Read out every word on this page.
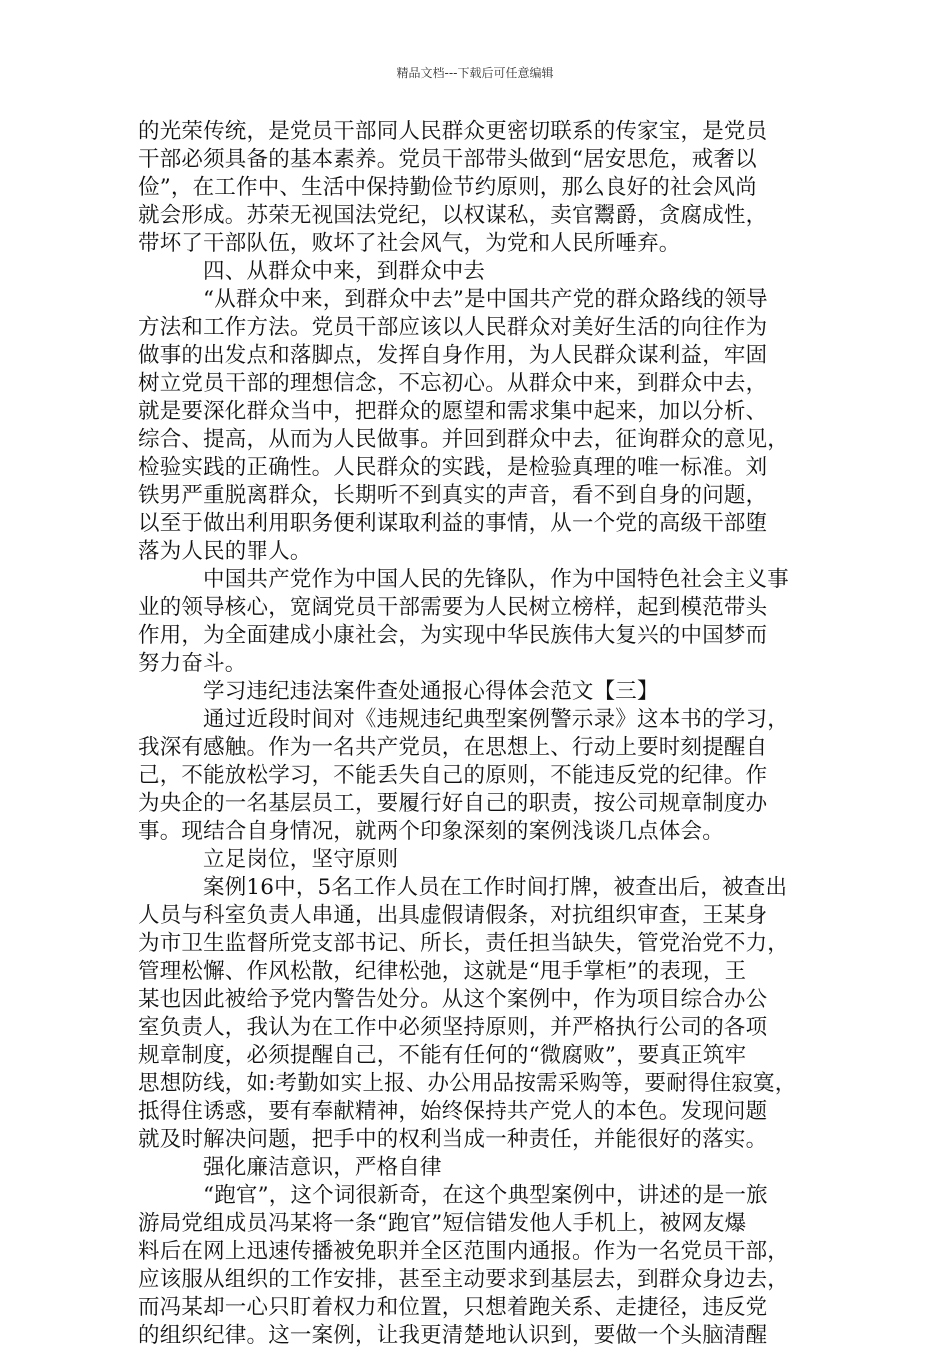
精品文档---下载后可任意编辑
的光荣传统，是党员干部同人民群众更密切联系的传家宝，是党员
干部必须具备的基本素养。党员干部带头做到“居安思危，戒奢以
俭”，在工作中、生活中保持勤俭节约原则，那么良好的社会风尚
就会形成。苏荣无视国法党纪，以权谋私，卖官鬻爵，贪腐成性，
带坏了干部队伍，败坏了社会风气，为党和人民所唾弃。
四、从群众中来，到群众中去
“从群众中来，到群众中去”是中国共产党的群众路线的领导
方法和工作方法。党员干部应该以人民群众对美好生活的向往作为
做事的出发点和落脚点，发挥自身作用，为人民群众谋利益，牢固
树立党员干部的理想信念，不忘初心。从群众中来，到群众中去，
就是要深化群众当中，把群众的愿望和需求集中起来，加以分析、
综合、提高，从而为人民做事。并回到群众中去，征询群众的意见，
检验实践的正确性。人民群众的实践，是检验真理的唯一标准。刘
铁男严重脱离群众，长期听不到真实的声音，看不到自身的问题，
以至于做出利用职务便利谋取利益的事情，从一个党的高级干部堕
落为人民的罪人。
中国共产党作为中国人民的先锋队，作为中国特色社会主义事
业的领导核心，宽阔党员干部需要为人民树立榜样，起到模范带头
作用，为全面建成小康社会，为实现中华民族伟大复兴的中国梦而
努力奋斗。
学习违纪违法案件查处通报心得体会范文【三】
通过近段时间对《违规违纪典型案例警示录》这本书的学习，
我深有感触。作为一名共产党员，在思想上、行动上要时刻提醒自
己，不能放松学习，不能丢失自己的原则，不能违反党的纪律。作
为央企的一名基层员工，要履行好自己的职责，按公司规章制度办
事。现结合自身情况，就两个印象深刻的案例浅谈几点体会。
立足岗位，坚守原则
案例16中，5名工作人员在工作时间打牌，被查出后，被查出
人员与科室负责人串通，出具虚假请假条，对抗组织审查，王某身
为市卫生监督所党支部书记、所长，责任担当缺失，管党治党不力，
管理松懈、作风松散，纪律松弛，这就是“甩手掌柜”的表现，王
某也因此被给予党内警告处分。从这个案例中，作为项目综合办公
室负责人，我认为在工作中必须坚持原则，并严格执行公司的各项
规章制度，必须提醒自己，不能有任何的“微腐败”，要真正筑牢
思想防线，如:考勤如实上报、办公用品按需采购等，要耐得住寂寞，
抵得住诱惑，要有奉献精神，始终保持共产党人的本色。发现问题
就及时解决问题，把手中的权利当成一种责任，并能很好的落实。
强化廉洁意识，严格自律
“跑官”，这个词很新奇，在这个典型案例中，讲述的是一旅
游局党组成员冯某将一条“跑官”短信错发他人手机上，被网友爆
料后在网上迅速传播被免职并全区范围内通报。作为一名党员干部，
应该服从组织的工作安排，甚至主动要求到基层去，到群众身边去，
而冯某却一心只盯着权力和位置，只想着跑关系、走捷径，违反党
的组织纪律。这一案例，让我更清楚地认识到，要做一个头脑清醒
